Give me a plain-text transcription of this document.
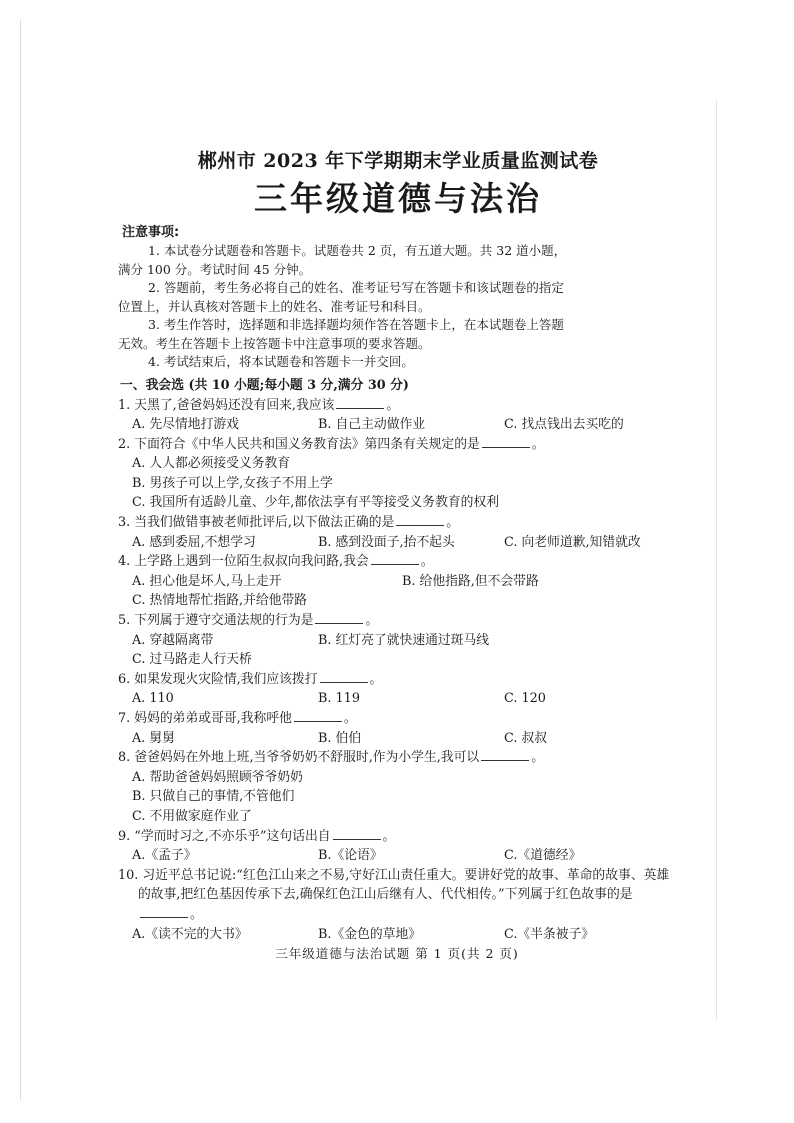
郴州市 2023 年下学期期末学业质量监测试卷
三年级道德与法治
注意事项:
1. 本试卷分试题卷和答题卡。试题卷共 2 页，有五道大题。共 32 道小题，
满分 100 分。考试时间 45 分钟。
2. 答题前，考生务必将自己的姓名、准考证号写在答题卡和该试题卷的指定
位置上，并认真核对答题卡上的姓名、准考证号和科目。
3. 考生作答时，选择题和非选择题均须作答在答题卡上，在本试题卷上答题
无效。考生在答题卡上按答题卡中注意事项的要求答题。
4. 考试结束后，将本试题卷和答题卡一并交回。
一、我会选 (共 10 小题;每小题 3 分,满分 30 分)
1. 天黑了,爸爸妈妈还没有回来,我应该	。
A. 先尽情地打游戏	B. 自己主动做作业	C. 找点钱出去买吃的
2. 下面符合《中华人民共和国义务教育法》第四条有关规定的是	。
A. 人人都必须接受义务教育
B. 男孩子可以上学,女孩子不用上学
C. 我国所有适龄儿童、少年,都依法享有平等接受义务教育的权利
3. 当我们做错事被老师批评后,以下做法正确的是	。
A. 感到委屈,不想学习	B. 感到没面子,抬不起头	C. 向老师道歉,知错就改
4. 上学路上遇到一位陌生叔叔向我问路,我会	。
A. 担心他是坏人,马上走开	B. 给他指路,但不会带路
C. 热情地帮忙指路,并给他带路
5. 下列属于遵守交通法规的行为是	。
A. 穿越隔离带	B. 红灯亮了就快速通过斑马线
C. 过马路走人行天桥
6. 如果发现火灾险情,我们应该拨打	。
A. 110	B. 119	C. 120
7. 妈妈的弟弟或哥哥,我称呼他	。
A. 舅舅	B. 伯伯	C. 叔叔
8. 爸爸妈妈在外地上班,当爷爷奶奶不舒服时,作为小学生,我可以	。
A. 帮助爸爸妈妈照顾爷爷奶奶
B. 只做自己的事情,不管他们
C. 不用做家庭作业了
9. “学而时习之,不亦乐乎”这句话出自	。
A.《孟子》	B.《论语》	C.《道德经》
10. 习近平总书记说:“红色江山来之不易,守好江山责任重大。要讲好党的故事、革命的故事、英雄的故事,把红色基因传承下去,确保红色江山后继有人、代代相传。”下列属于红色故事的是。
A.《读不完的大书》	B.《金色的草地》	C.《半条被子》
三年级道德与法治试题 第 1 页(共 2 页)
